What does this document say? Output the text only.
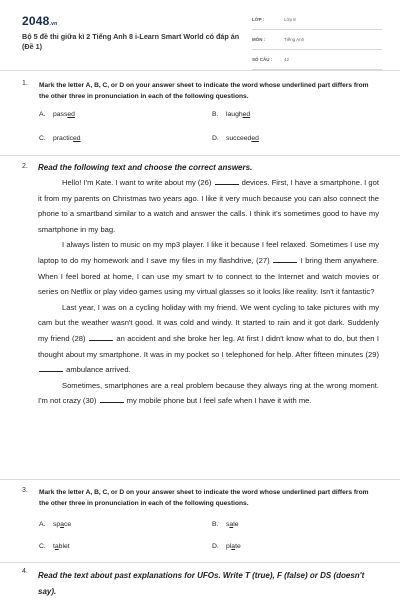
2048.vn
Bộ 5 đề thi giữa kì 2 Tiếng Anh 8 i-Learn Smart World có đáp án (Đề 1)
LỚP :	Lớp 8
MÔN :	Tiếng Anh
SỐ CÂU :	42
1. Mark the letter A, B, C, or D on your answer sheet to indicate the word whose underlined part differs from the other three in pronunciation in each of the following questions.
A. passed	B. laughed
C. practiced	D. succeeded
2. Read the following text and choose the correct answers.

Hello! I'm Kate. I want to write about my (26)	devices. First, I have a smartphone. I got it from my parents on Christmas two years ago. I like it very much because you can also connect the phone to a smartband similar to a watch and answer the calls. I think it's sometimes good to have my smartphone in my bag.

I always listen to music on my mp3 player. I like it because I feel relaxed. Sometimes I use my laptop to do my homework and I save my files in my flashdrive, (27)	I bring them anywhere. When I feel bored at home, I can use my smart tv to connect to the Internet and watch movies or series on Netflix or play video games using my virtual glasses so it looks like reality. Isn't it fantastic?

Last year, I was on a cycling holiday with my friend. We went cycling to take pictures with my cam but the weather wasn't good. It was cold and windy. It started to rain and it got dark. Suddenly my friend (28)	an accident and she broke her leg. At first I didn't know what to do, but then I thought about my smartphone. It was in my pocket so I telephoned for help. After fifteen minutes (29)  ambulance arrived.

Sometimes, smartphones are a real problem because they always ring at the wrong moment. I'm not crazy (30)	my mobile phone but I feel safe when I have it with me.

3. Mark the letter A, B, C, or D on your answer sheet to indicate the word whose underlined part differs from the other three in pronunciation in each of the following questions.
A. space	B. sale
C. tablet	D. plate
4. Read the text about past explanations for UFOs. Write T (true), F (false) or DS (doesn't say).
